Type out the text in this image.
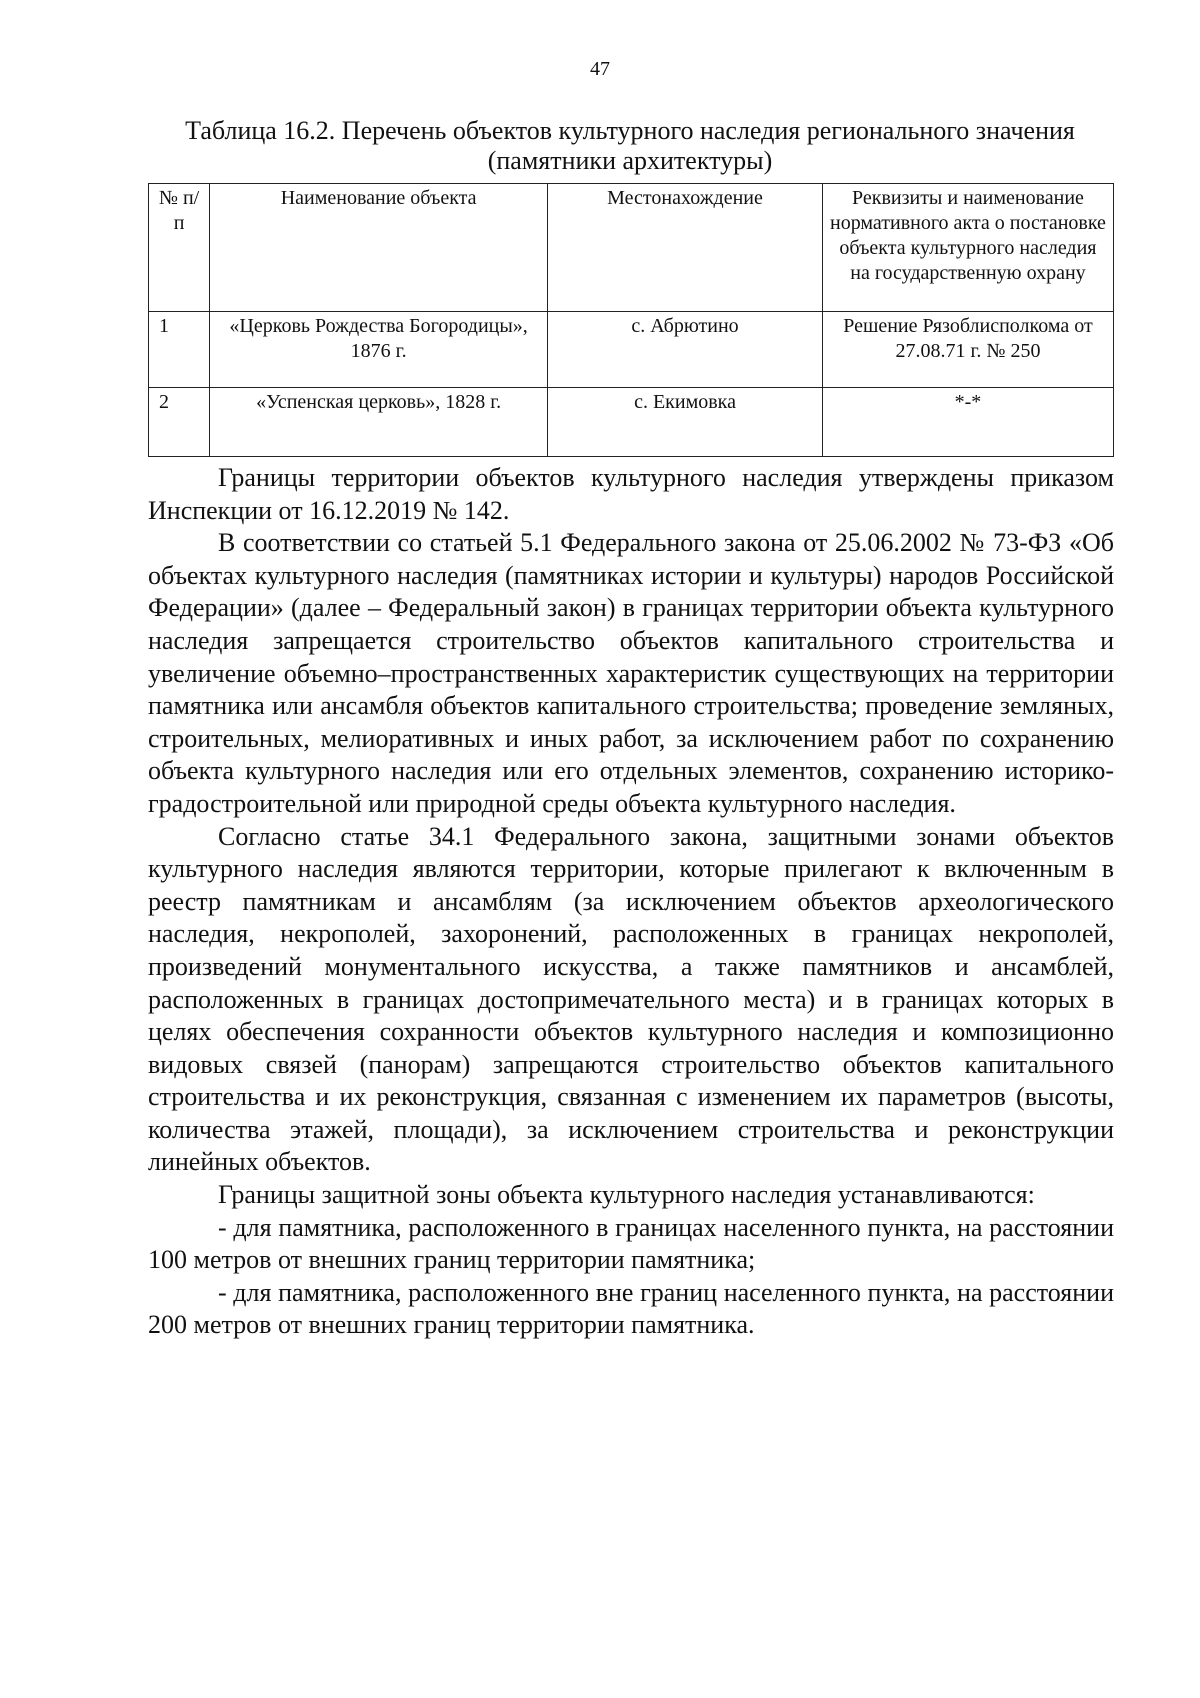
47
Таблица 16.2. Перечень объектов культурного наследия регионального значения (памятники архитектуры)
№ п/п	Наименование объекта	Местонахождение	Реквизиты и наименование нормативного акта о постановке объекта культурного наследия на государственную охрану
1	«Церковь Рождества Богородицы», 1876 г.	с. Абрютино	Решение Рязоблисполкома от 27.08.71 г. № 250
2	«Успенская церковь», 1828 г.	с. Екимовка	*-*

Границы территории объектов культурного наследия утверждены приказом Инспекции от 16.12.2019 № 142.

В соответствии со статьей 5.1 Федерального закона от 25.06.2002 № 73-ФЗ «Об объектах культурного наследия (памятниках истории и культуры) народов Российской Федерации» (далее – Федеральный закон) в границах территории объекта культурного наследия запрещается строительство объектов капитального строительства и увеличение объемно–пространственных характеристик существующих на территории памятника или ансамбля объектов капитального строительства; проведение земляных, строительных, мелиоративных и иных работ, за исключением работ по сохранению объекта культурного наследия или его отдельных элементов, сохранению историко-градостроительной или природной среды объекта культурного наследия.

Согласно статье 34.1 Федерального закона, защитными зонами объектов культурного наследия являются территории, которые прилегают к включенным в реестр памятникам и ансамблям (за исключением объектов археологического наследия, некрополей, захоронений, расположенных в границах некрополей, произведений монументального искусства, а также памятников и ансамблей, расположенных в границах достопримечательного места) и в границах которых в целях обеспечения сохранности объектов культурного наследия и композиционно видовых связей (панорам) запрещаются строительство объектов капитального строительства и их реконструкция, связанная с изменением их параметров (высоты, количества этажей, площади), за исключением строительства и реконструкции линейных объектов.

Границы защитной зоны объекта культурного наследия устанавливаются:

- для памятника, расположенного в границах населенного пункта, на расстоянии 100 метров от внешних границ территории памятника;

- для памятника, расположенного вне границ населенного пункта, на расстоянии 200 метров от внешних границ территории памятника.
